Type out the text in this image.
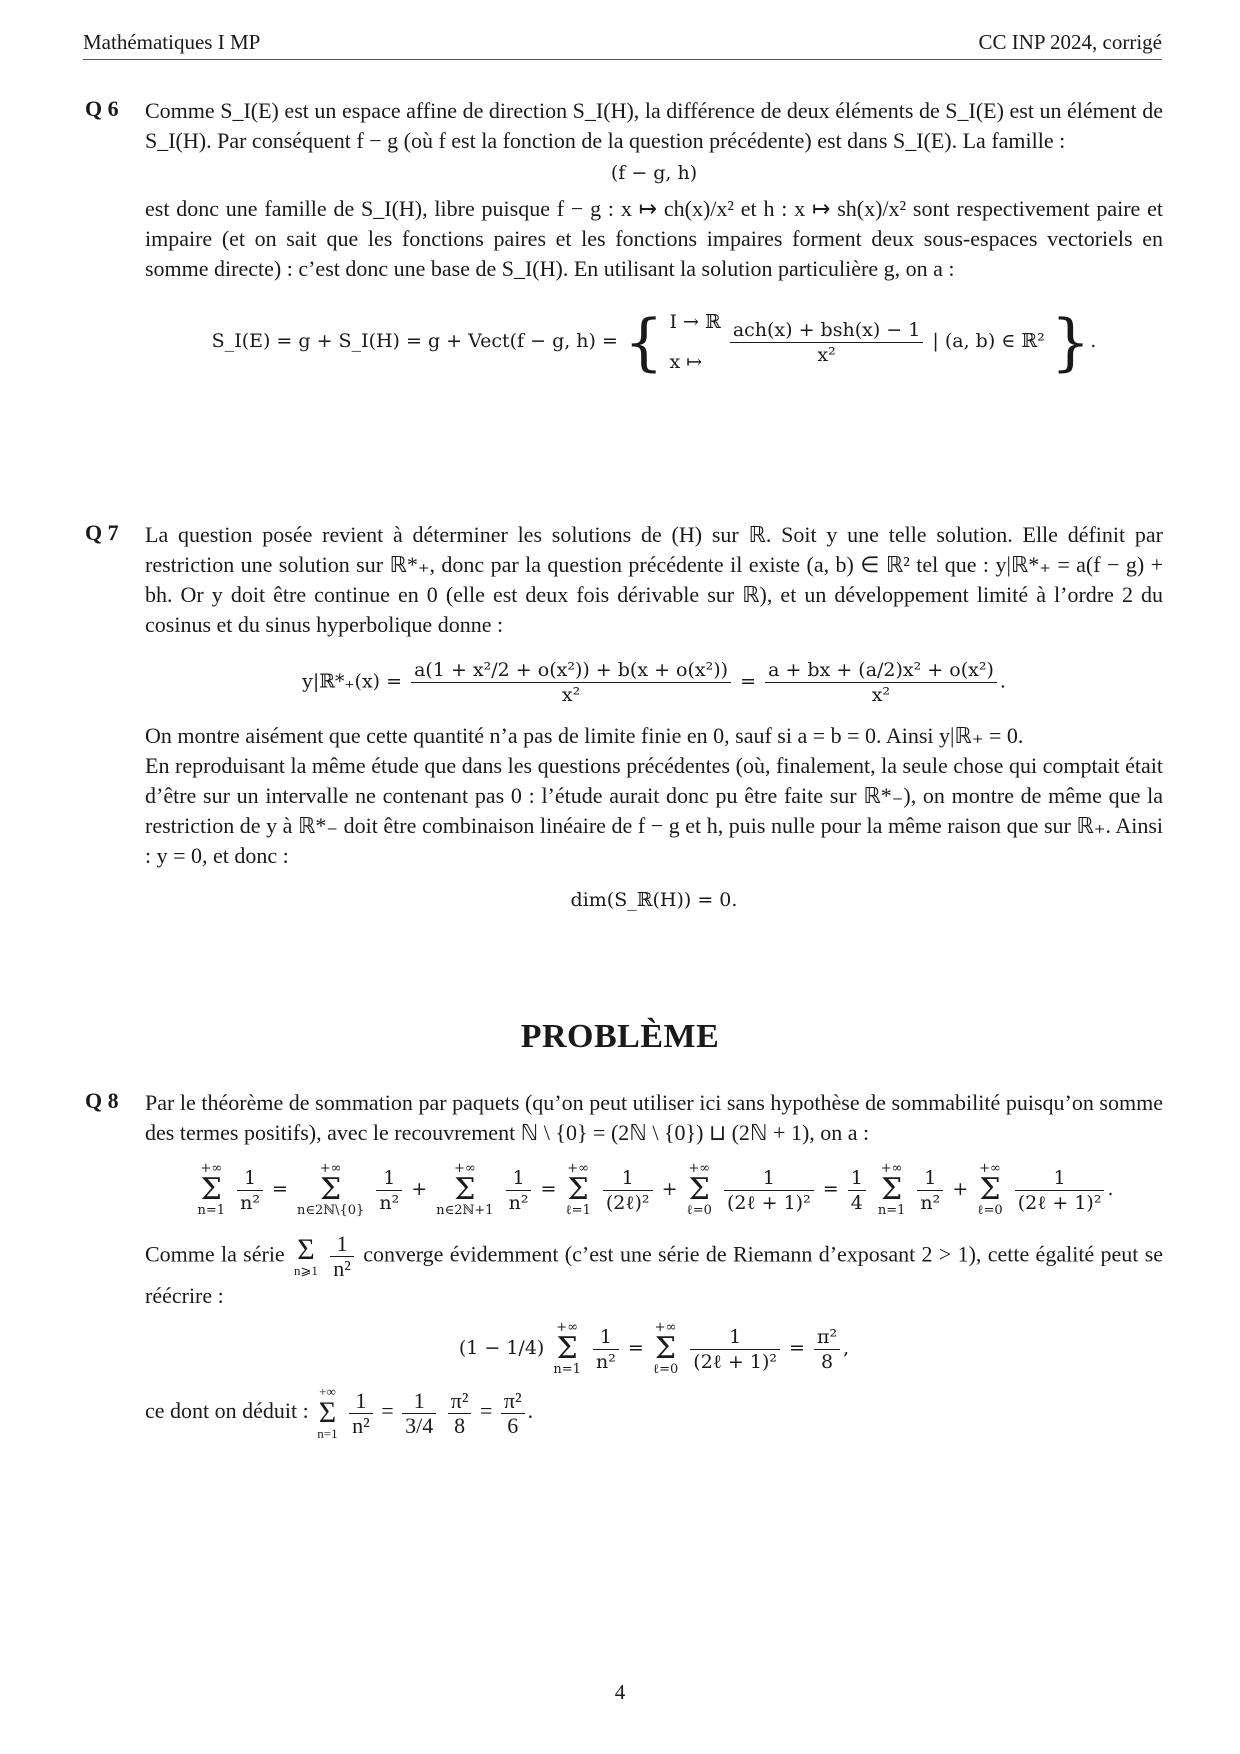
Mathématiques I MP	CC INP 2024, corrigé
Q 6 Comme S_I(E) est un espace affine de direction S_I(H), la différence de deux éléments de S_I(E) est un élément de S_I(H). Par conséquent f − g (où f est la fonction de la question précédente) est dans S_I(E). La famille :
(f − g, h)
est donc une famille de S_I(H), libre puisque f − g : x ↦ ch(x)/x² et h : x ↦ sh(x)/x² sont respectivement paire et impaire (et on sait que les fonctions paires et les fonctions impaires forment deux sous-espaces vectoriels en somme directe) : c’est donc une base de S_I(H). En utilisant la solution particulière g, on a :
S_I(E) = g + S_I(H) = g + Vect(f − g, h) = { I → ℝ
x ↦
	$\frac{\text{ach(x) + bsh(x) − 1}}{\text{x²}}$ | (a, b) ∈ ℝ² }.
Q 7 La question posée revient à déterminer les solutions de (H) sur ℝ. Soit y une telle solution. Elle définit par restriction une solution sur ℝ*₊, donc par la question précédente il existe (a, b) ∈ ℝ² tel que : y|ℝ*₊ = a(f − g) + bh. Or y doit être continue en 0 (elle est deux fois dérivable sur ℝ), et un développement limité à l’ordre 2 du cosinus et du sinus hyperbolique donne :
y|ℝ*₊(x) = $\frac{\text{a(1 + x²/2 + o(x²)) + b(x + o(x²))}}{\text{x²}} = \frac{\text{a + bx + (a/2)x² + o(x²)}}{\text{x²}}$ .
On montre aisément que cette quantité n’a pas de limite finie en 0, sauf si a = b = 0. Ainsi y|ℝ₊ = 0.
En reproduisant la même étude que dans les questions précédentes (où, finalement, la seule chose qui comptait était d’être sur un intervalle ne contenant pas 0 : l’étude aurait donc pu être faite sur ℝ*₋), on montre de même que la restriction de y à ℝ*₋ doit être combinaison linéaire de f − g et h, puis nulle pour la même raison que sur ℝ₊. Ainsi : y = 0, et donc :
dim(S_ℝ(H)) = 0.
PROBLÈME
Q 8 Par le théorème de sommation par paquets (qu’on peut utiliser ici sans hypothèse de sommabilité puisqu’on somme des termes positifs), avec le recouvrement ℕ \ {0} = (2ℕ \ {0}) ⊔ (2ℕ + 1), on a :
+∞
Σ
n=1
$\frac{1}{\text{n²}}$ =
+∞
Σ
n∈2ℕ\{0}
$\frac{1}{\text{n²}}$ +
+∞
Σ
n∈2ℕ+1
$\frac{1}{\text{n²}}$ =
+∞
Σ
ℓ=1
$\frac{1}{\text{(2ℓ)²}}$ +
+∞
Σ
ℓ=0
$\frac{1}{\text{(2ℓ + 1)²}} = \frac{1}{4}$
+∞
Σ
n=1
$\frac{1}{\text{n²}}$ +
+∞
Σ
ℓ=0
$\frac{1}{\text{(2ℓ + 1)²}}$ .
Comme la série Σ
n⩾1
$\frac{1}{\text{n²}}$ converge évidemment (c’est une série de Riemann d’exposant 2 > 1), cette égalité peut se réécrire :
(1 − 1/4)
+∞
Σ
n=1
$\frac{1}{\text{n²}}$ =
+∞
Σ
ℓ=0
$\frac{1}{\text{(2ℓ + 1)²}} = \frac{\text{π²}}{8}$ ,
ce dont on déduit :
+∞
Σ
n=1
$\frac{1}{\text{n²}} = \frac{1}{3/4}$
$\frac{\text{π²}}{8} = \frac{\text{π²}}{6}$ .
4
